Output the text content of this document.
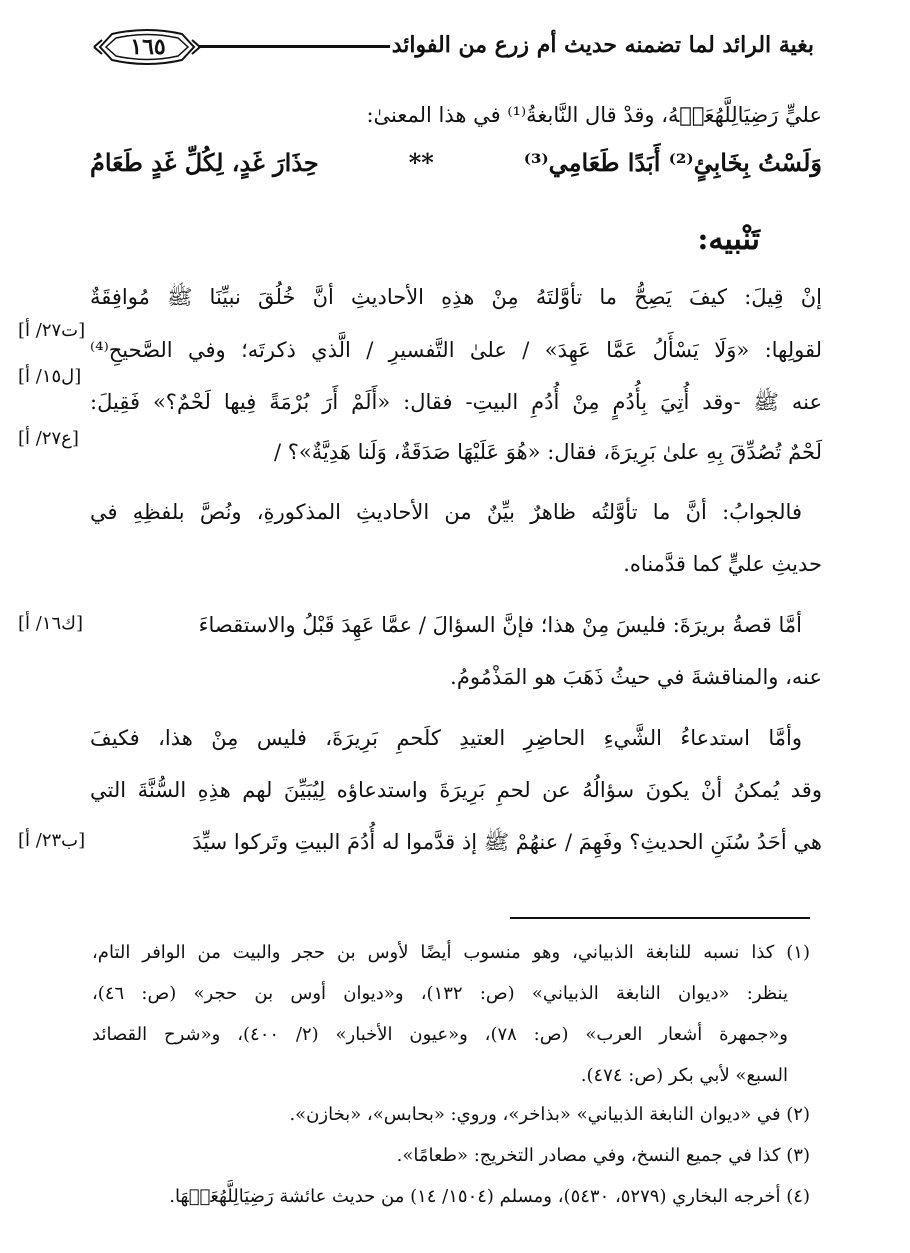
بغية الرائد لما تضمنه حديث أم زرع من الفوائد
١٦٥
عليٍّ رَضِيَالِلَّهُعَنۡهُ، وقدْ قال النَّابغةُ⁽¹⁾ في هذا المعنىٰ:
وَلَسْتُ بِخَابِئٍ⁽²⁾ أَبَدًا طَعَامِي⁽³⁾
**
حِذَارَ غَدٍ، لِكُلِّ غَدٍ طَعَامُ
تَنْبيه:
إنْ قِيلَ: كيفَ يَصِحُّ ما تأوَّلتَهُ مِنْ هذِهِ الأحاديثِ أنَّ خُلُقَ نبيِّنَا ﷺ مُوافِقَةٌ
لقولِها: «وَلَا يَسْأَلُ عَمَّا عَهِدَ» / علىٰ التَّفسيرِ / الَّذي ذكرتَه؛ وفي الصَّحيحِ⁽⁴⁾
عنه ﷺ -وقد أُتِيَ بِأُدُمٍ مِنْ أُدُمِ البيتِ- فقال: «أَلَمْ أَرَ بُرْمَةً فِيها لَحْمٌ؟» فَقِيلَ:
لَحْمٌ تُصُدِّقَ بِهِ علىٰ بَرِيرَةَ، فقال: «هُوَ عَلَيْهَا صَدَقَةٌ، وَلَنا هَدِيَّةٌ»؟ /
فالجوابُ: أنَّ ما تأوَّلتُه ظاهرٌ بيِّنٌ من الأحاديثِ المذكورةِ، ونُصَّ بلفظِهِ في
حديثِ عليٍّ كما قدَّمناه.
أمَّا قصةُ بريرَةَ: فليسَ مِنْ هذا؛ فإنَّ السؤالَ / عمَّا عَهِدَ قَبْلُ والاستقصاءَ
عنه، والمناقشةَ في حيثُ ذَهَبَ هو المَذْمُومُ.
وأمَّا استدعاءُ الشَّيءِ الحاضِرِ العتيدِ كلَحمِ بَرِيرَةَ، فليس مِنْ هذا، فكيفَ
وقد يُمكنُ أنْ يكونَ سؤالُهُ عن لحمِ بَرِيرَةَ واستدعاؤه لِيُبَيِّنَ لهم هذِهِ السُّنَّةَ التي
هي أحَدُ سُنَنِ الحديثِ؟ وفَهِمَ / عنهُمْ ﷺ إذ قدَّموا له أُدُمَ البيتِ وتَركوا سيِّدَ
[ت٢٧/ أ]
[ل١٥/ أ]
[ع٢٧/ أ]
[ك١٦/ أ]
[ب٢٣/ أ]
(١) كذا نسبه للنابغة الذبياني، وهو منسوب أيضًا لأوس بن حجر والبيت من الوافر التام،
ينظر: «ديوان النابغة الذبياني» (ص: ١٣٢)، و«ديوان أوس بن حجر» (ص: ٤٦)،
و«جمهرة أشعار العرب» (ص: ٧٨)، و«عيون الأخبار» (٢/ ٤٠٠)، و«شرح القصائد
السبع» لأبي بكر (ص: ٤٧٤).
(٢) في «ديوان النابغة الذبياني» «بذاخر»، وروي: «بحابس»، «بخازن».
(٣) كذا في جميع النسخ، وفي مصادر التخريج: «طعامًا».
(٤) أخرجه البخاري (٥٢٧٩، ٥٤٣٠)، ومسلم (١٥٠٤/ ١٤) من حديث عائشة رَضِيَالِلَّهُعَنۡهَا.
